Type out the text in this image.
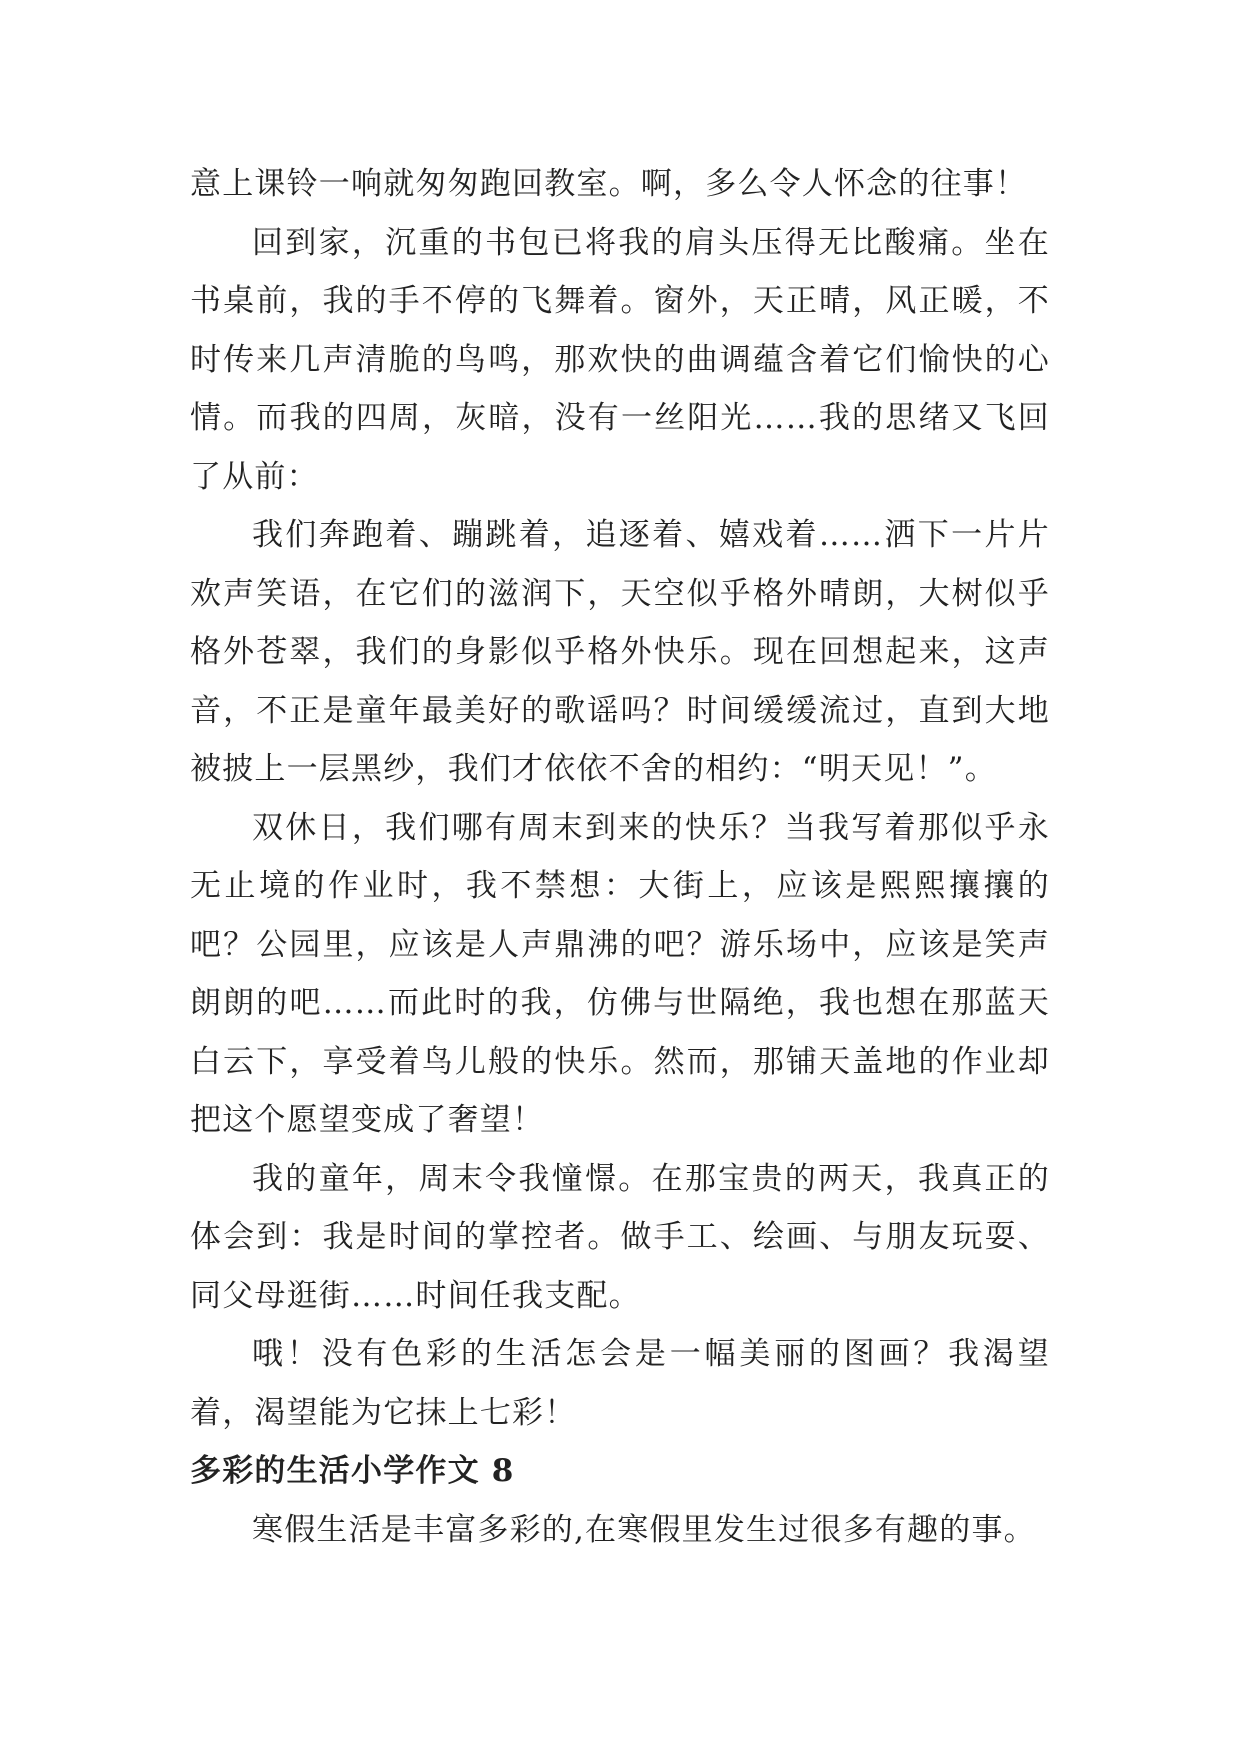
意上课铃一响就匆匆跑回教室。啊，多么令人怀念的往事！

回到家，沉重的书包已将我的肩头压得无比酸痛。坐在书桌前，我的手不停的飞舞着。窗外，天正晴，风正暖，不时传来几声清脆的鸟鸣，那欢快的曲调蕴含着它们愉快的心情。而我的四周，灰暗，没有一丝阳光……我的思绪又飞回了从前：

我们奔跑着、蹦跳着，追逐着、嬉戏着……洒下一片片欢声笑语，在它们的滋润下，天空似乎格外晴朗，大树似乎格外苍翠，我们的身影似乎格外快乐。现在回想起来，这声音，不正是童年最美好的歌谣吗？时间缓缓流过，直到大地被披上一层黑纱，我们才依依不舍的相约：“明天见！”。

双休日，我们哪有周末到来的快乐？当我写着那似乎永无止境的作业时，我不禁想：大街上，应该是熙熙攘攘的吧？公园里，应该是人声鼎沸的吧？游乐场中，应该是笑声朗朗的吧……而此时的我，仿佛与世隔绝，我也想在那蓝天白云下，享受着鸟儿般的快乐。然而，那铺天盖地的作业却把这个愿望变成了奢望！

我的童年，周末令我憧憬。在那宝贵的两天，我真正的体会到：我是时间的掌控者。做手工、绘画、与朋友玩耍、同父母逛街……时间任我支配。

哦！没有色彩的生活怎会是一幅美丽的图画？我渴望着，渴望能为它抹上七彩！

多彩的生活小学作文 8

寒假生活是丰富多彩的,在寒假里发生过很多有趣的事。
